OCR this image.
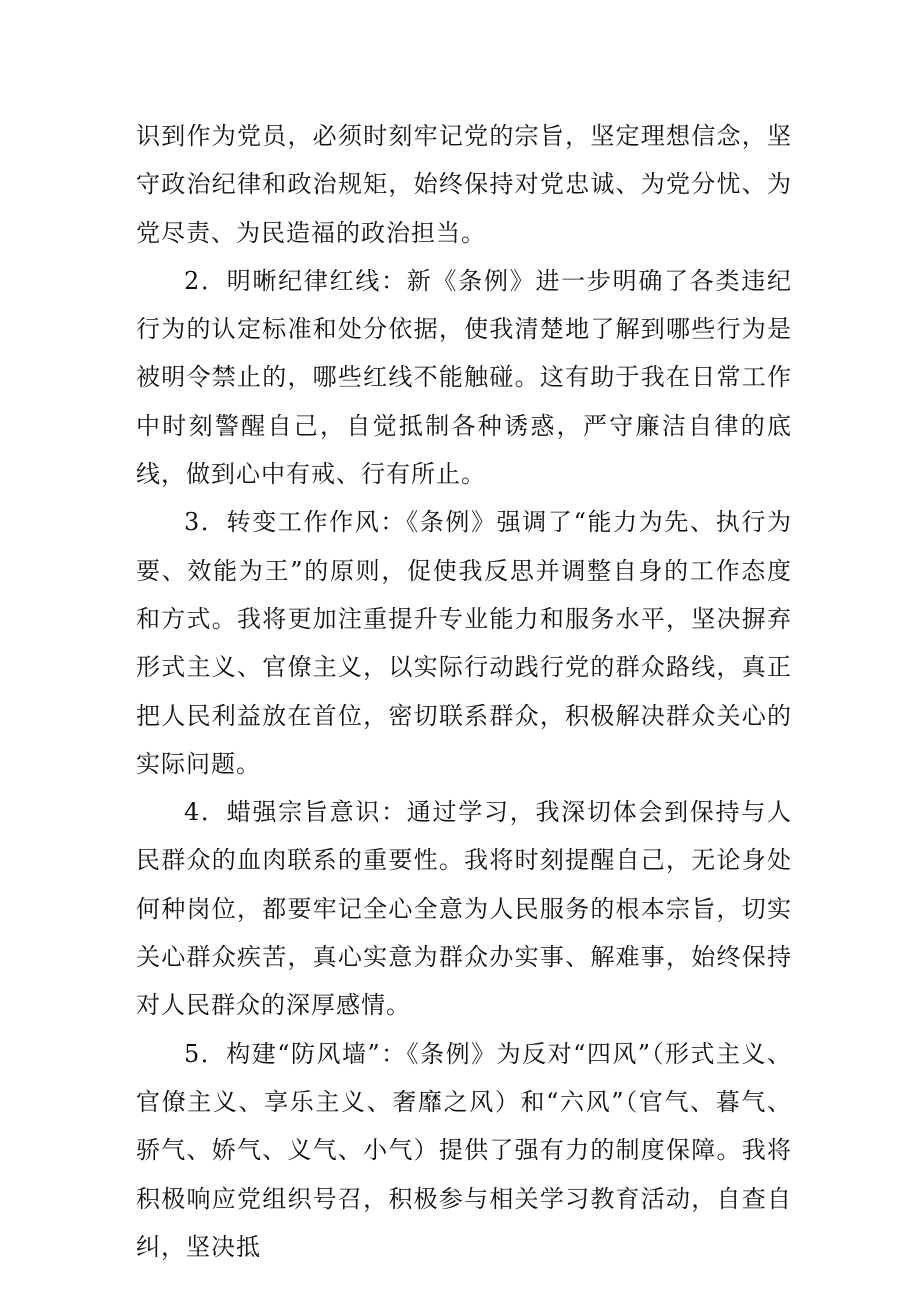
识到作为党员，必须时刻牢记党的宗旨，坚定理想信念，坚守政治纪律和政治规矩，始终保持对党忠诚、为党分忧、为党尽责、为民造福的政治担当。

2．明晰纪律红线：新《条例》进一步明确了各类违纪行为的认定标准和处分依据，使我清楚地了解到哪些行为是被明令禁止的，哪些红线不能触碰。这有助于我在日常工作中时刻警醒自己，自觉抵制各种诱惑，严守廉洁自律的底线，做到心中有戒、行有所止。

3．转变工作作风：《条例》强调了“能力为先、执行为要、效能为王”的原则，促使我反思并调整自身的工作态度和方式。我将更加注重提升专业能力和服务水平，坚决摒弃形式主义、官僚主义，以实际行动践行党的群众路线，真正把人民利益放在首位，密切联系群众，积极解决群众关心的实际问题。

4．蜡强宗旨意识：通过学习，我深切体会到保持与人民群众的血肉联系的重要性。我将时刻提醒自己，无论身处何种岗位，都要牢记全心全意为人民服务的根本宗旨，切实关心群众疾苦，真心实意为群众办实事、解难事，始终保持对人民群众的深厚感情。

5．构建“防风墙”：《条例》为反对“四风”（形式主义、官僚主义、享乐主义、奢靡之风）和“六风”（官气、暮气、骄气、娇气、义气、小气）提供了强有力的制度保障。我将积极响应党组织号召，积极参与相关学习教育活动，自查自纠，坚决抵
